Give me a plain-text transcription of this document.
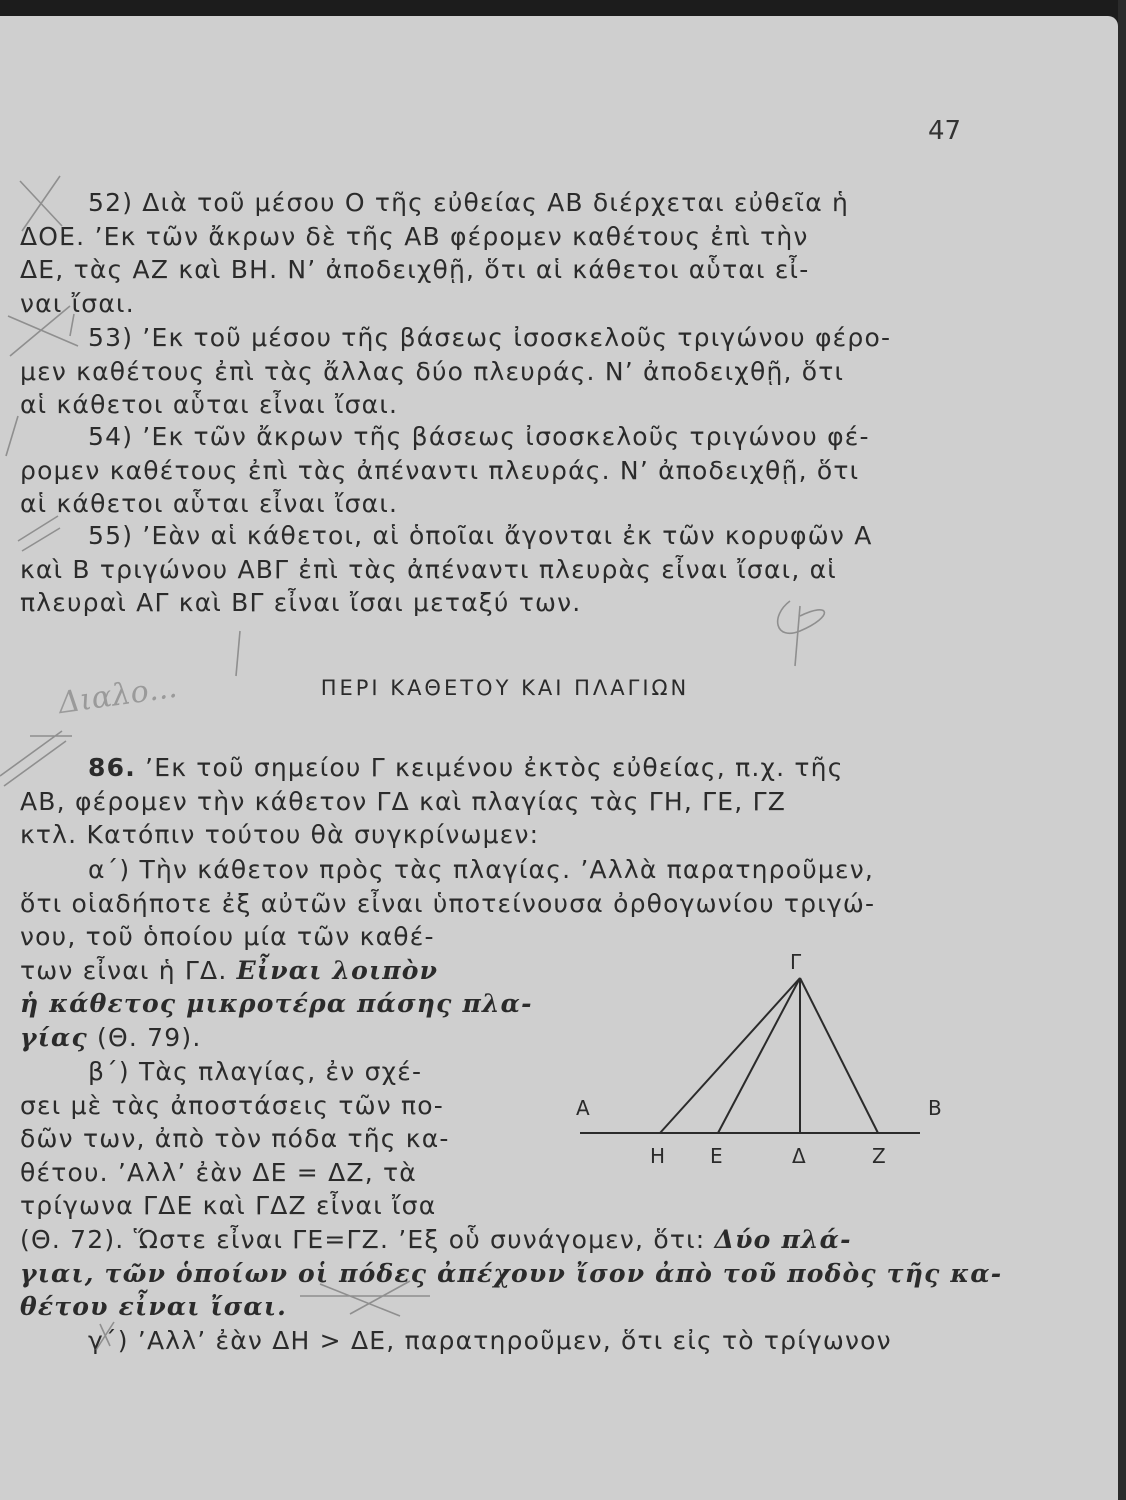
47
52) Διὰ τοῦ μέσου Ο τῆς εὐθείας ΑΒ διέρχεται εὐθεῖα ἡ
ΔΟΕ. ’Εκ τῶν ἄκρων δὲ τῆς ΑΒ φέρομεν καθέτους ἐπὶ τὴν
ΔΕ, τὰς ΑΖ καὶ ΒΗ. Ν’ ἀποδειχθῇ, ὅτι αἱ κάθετοι αὗται εἶ-
ναι ἴσαι.
53) ’Εκ τοῦ μέσου τῆς βάσεως ἰσοσκελοῦς τριγώνου φέρο-
μεν καθέτους ἐπὶ τὰς ἄλλας δύο πλευράς. Ν’ ἀποδειχθῇ, ὅτι
αἱ κάθετοι αὗται εἶναι ἴσαι.
54) ’Εκ τῶν ἄκρων τῆς βάσεως ἰσοσκελοῦς τριγώνου φέ-
ρομεν καθέτους ἐπὶ τὰς ἀπέναντι πλευράς. Ν’ ἀποδειχθῇ, ὅτι
αἱ κάθετοι αὗται εἶναι ἴσαι.
55) ’Εὰν αἱ κάθετοι, αἱ ὁποῖαι ἄγονται ἐκ τῶν κορυφῶν Α
καὶ Β τριγώνου ΑΒΓ ἐπὶ τὰς ἀπέναντι πλευρὰς εἶναι ἴσαι, αἱ
πλευραὶ ΑΓ καὶ ΒΓ εἶναι ἴσαι μεταξύ των.
ΠΕΡΙ ΚΑΘΕΤΟΥ ΚΑΙ ΠΛΑΓΙΩΝ
86. ’Εκ τοῦ σημείου Γ κειμένου ἐκτὸς εὐθείας, π.χ. τῆς
ΑΒ, φέρομεν τὴν κάθετον ΓΔ καὶ πλαγίας τὰς ΓΗ, ΓΕ, ΓΖ
κτλ. Κατόπιν τούτου θὰ συγκρίνωμεν:
α΄) Τὴν κάθετον πρὸς τὰς πλαγίας. ’Αλλὰ παρατηροῦμεν,
ὅτι οἱαδήποτε ἐξ αὐτῶν εἶναι ὑποτείνουσα ὀρθογωνίου τριγώ-
νου, τοῦ ὁποίου μία τῶν καθέ-
των εἶναι ἡ ΓΔ. Εἶναι λοιπὸν
ἡ κάθετος μικροτέρα πάσης πλα-
γίας (Θ. 79).
β΄) Τὰς πλαγίας, ἐν σχέ-
σει μὲ τὰς ἀποστάσεις τῶν πο-
δῶν των, ἀπὸ τὸν πόδα τῆς κα-
θέτου. ’Αλλ’ ἐὰν ΔΕ = ΔΖ, τὰ
τρίγωνα ΓΔΕ καὶ ΓΔΖ εἶναι ἴσα
(Θ. 72). Ὥστε εἶναι ΓΕ=ΓΖ. ’Εξ οὗ συνάγομεν, ὅτι: Δύο πλά-
γιαι, τῶν ὁποίων οἱ πόδες ἀπέχουν ἴσον ἀπὸ τοῦ ποδὸς τῆς κα-
θέτου εἶναι ἴσαι.
γ΄) ’Αλλ’ ἐὰν ΔΗ > ΔΕ, παρατηροῦμεν, ὅτι εἰς τὸ τρίγωνον
Γ
Α	Β
Η Ε	Δ	Ζ
Διαλο...
